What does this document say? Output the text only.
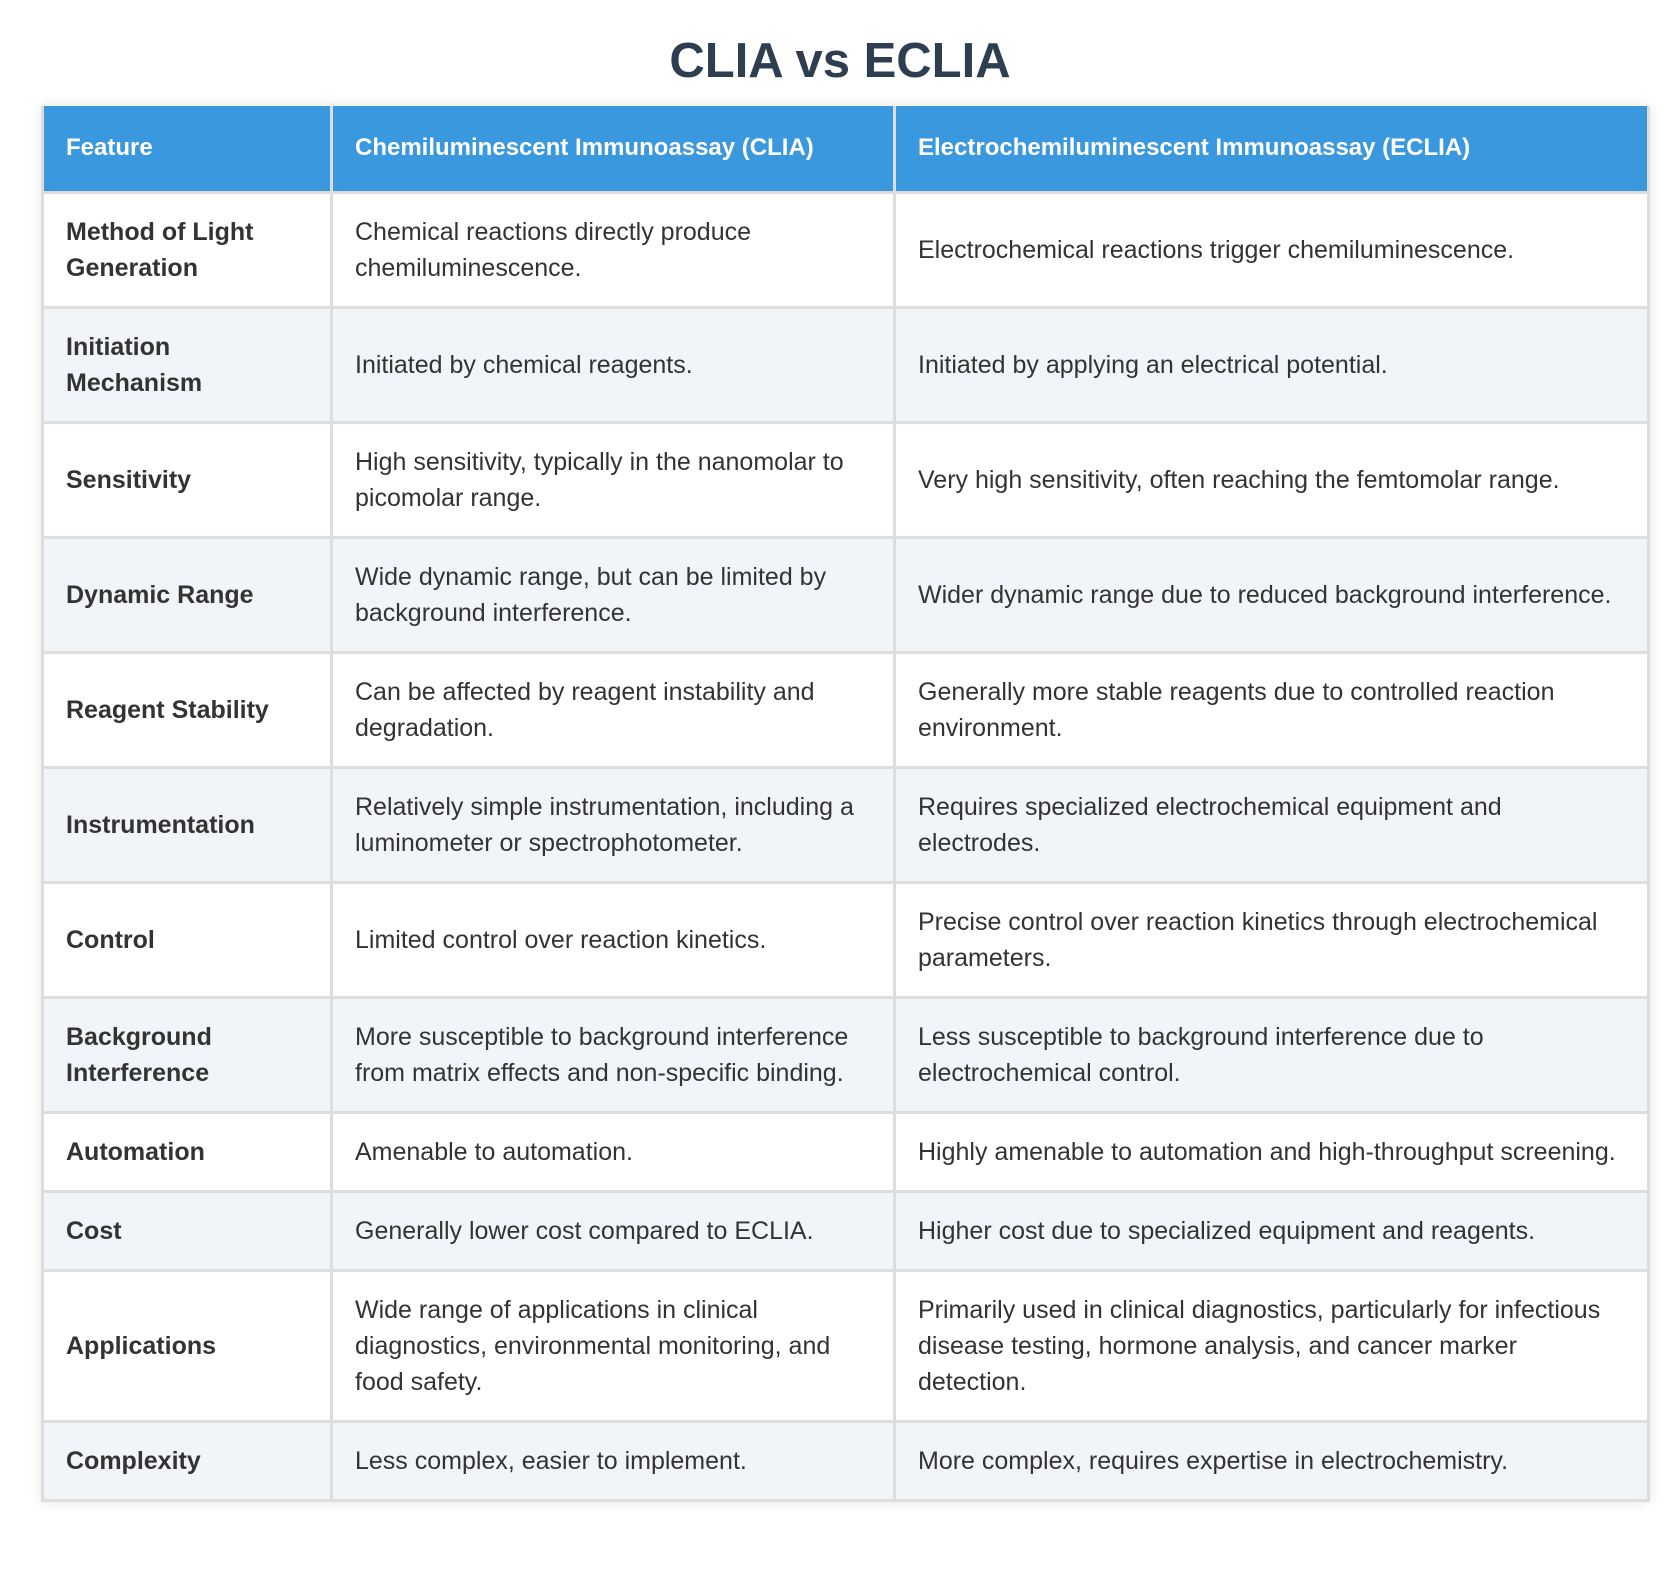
CLIA vs ECLIA
Feature	Chemiluminescent Immunoassay (CLIA)	Electrochemiluminescent Immunoassay (ECLIA)
Method of Light Generation	Chemical reactions directly produce chemiluminescence.	Electrochemical reactions trigger chemiluminescence.
Initiation Mechanism	Initiated by chemical reagents.	Initiated by applying an electrical potential.
Sensitivity	High sensitivity, typically in the nanomolar to picomolar range.	Very high sensitivity, often reaching the femtomolar range.
Dynamic Range	Wide dynamic range, but can be limited by background interference.	Wider dynamic range due to reduced background interference.
Reagent Stability	Can be affected by reagent instability and degradation.	Generally more stable reagents due to controlled reaction environment.
Instrumentation	Relatively simple instrumentation, including a luminometer or spectrophotometer.	Requires specialized electrochemical equipment and electrodes.
Control	Limited control over reaction kinetics.	Precise control over reaction kinetics through electrochemical parameters.
Background Interference	More susceptible to background interference from matrix effects and non-specific binding.	Less susceptible to background interference due to electrochemical control.
Automation	Amenable to automation.	Highly amenable to automation and high-throughput screening.
Cost	Generally lower cost compared to ECLIA.	Higher cost due to specialized equipment and reagents.
Applications	Wide range of applications in clinical diagnostics, environmental monitoring, and food safety.	Primarily used in clinical diagnostics, particularly for infectious disease testing, hormone analysis, and cancer marker detection.
Complexity	Less complex, easier to implement.	More complex, requires expertise in electrochemistry.
